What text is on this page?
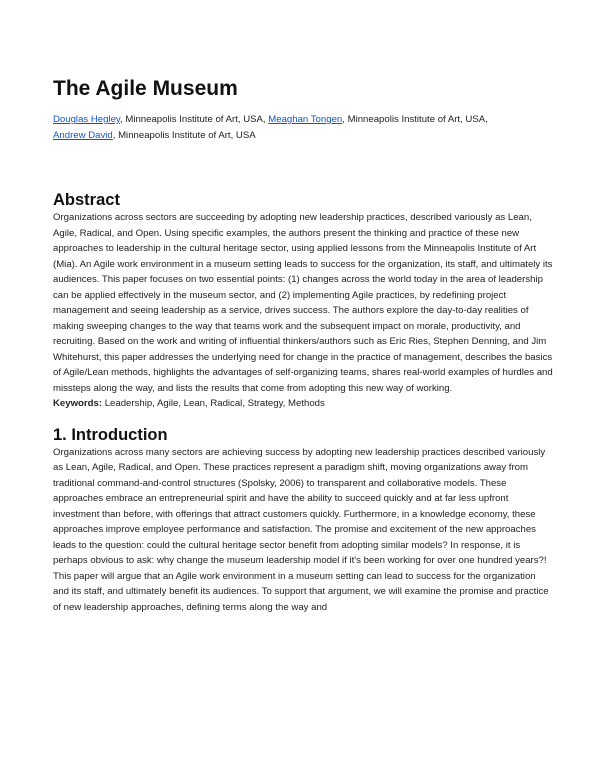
The Agile Museum
Douglas Hegley, Minneapolis Institute of Art, USA, Meaghan Tongen, Minneapolis Institute of Art, USA,
Andrew David, Minneapolis Institute of Art, USA
Abstract

Organizations across sectors are succeeding by adopting new leadership practices, described variously as Lean, Agile, Radical, and Open. Using specific examples, the authors present the thinking and practice of these new approaches to leadership in the cultural heritage sector, using applied lessons from the Minneapolis Institute of Art (Mia). An Agile work environment in a museum setting leads to success for the organization, its staff, and ultimately its audiences. This paper focuses on two essential points: (1) changes across the world today in the area of leadership can be applied effectively in the museum sector, and (2) implementing Agile practices, by redefining project management and seeing leadership as a service, drives success. The authors explore the day-to-day realities of making sweeping changes to the way that teams work and the subsequent impact on morale, productivity, and recruiting. Based on the work and writing of influential thinkers/authors such as Eric Ries, Stephen Denning, and Jim Whitehurst, this paper addresses the underlying need for change in the practice of management, describes the basics of Agile/Lean methods, highlights the advantages of self-organizing teams, shares real-world examples of hurdles and missteps along the way, and lists the results that come from adopting this new way of working.

Keywords: Leadership, Agile, Lean, Radical, Strategy, Methods

1. Introduction

Organizations across many sectors are achieving success by adopting new leadership practices described variously as Lean, Agile, Radical, and Open. These practices represent a paradigm shift, moving organizations away from traditional command-and-control structures (Spolsky, 2006) to transparent and collaborative models. These approaches embrace an entrepreneurial spirit and have the ability to succeed quickly and at far less upfront investment than before, with offerings that attract customers quickly. Furthermore, in a knowledge economy, these approaches improve employee performance and satisfaction. The promise and excitement of the new approaches leads to the question: could the cultural heritage sector benefit from adopting similar models? In response, it is perhaps obvious to ask: why change the museum leadership model if it's been working for over one hundred years?!

This paper will argue that an Agile work environment in a museum setting can lead to success for the organization and its staff, and ultimately benefit its audiences. To support that argument, we will examine the promise and practice of new leadership approaches, defining terms along the way and
